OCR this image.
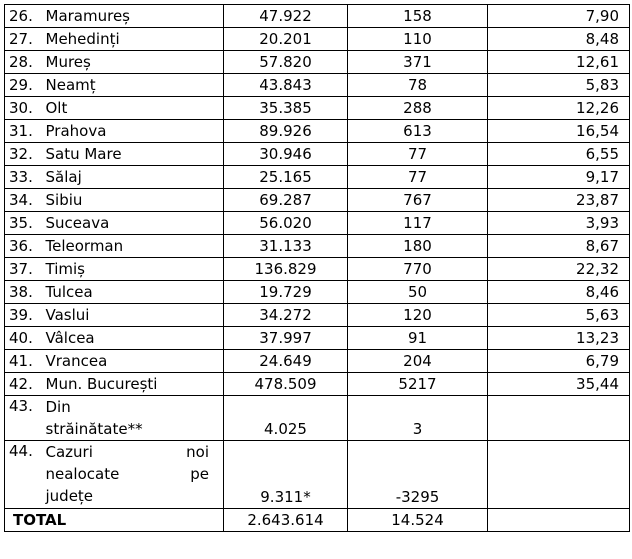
26.	Maramureș	47.922	158	7,90
27.	Mehedinți	20.201	110	8,48
28.	Mureș	57.820	371	12,61
29.	Neamț	43.843	78	5,83
30.	Olt	35.385	288	12,26
31.	Prahova	89.926	613	16,54
32.	Satu Mare	30.946	77	6,55
33.	Sălaj	25.165	77	9,17
34.	Sibiu	69.287	767	23,87
35.	Suceava	56.020	117	3,93
36.	Teleorman	31.133	180	8,67
37.	Timiș	136.829	770	22,32
38.	Tulcea	19.729	50	8,46
39.	Vaslui	34.272	120	5,63
40.	Vâlcea	37.997	91	13,23
41.	Vrancea	24.649	204	6,79
42.	Mun. București	478.509	5217	35,44
43.	Din
străinătate**	4.025	3	
44.	Cazuri noi
nealocate pe
județe	9.311*	-3295	
TOTAL		2.643.614	14.524	
